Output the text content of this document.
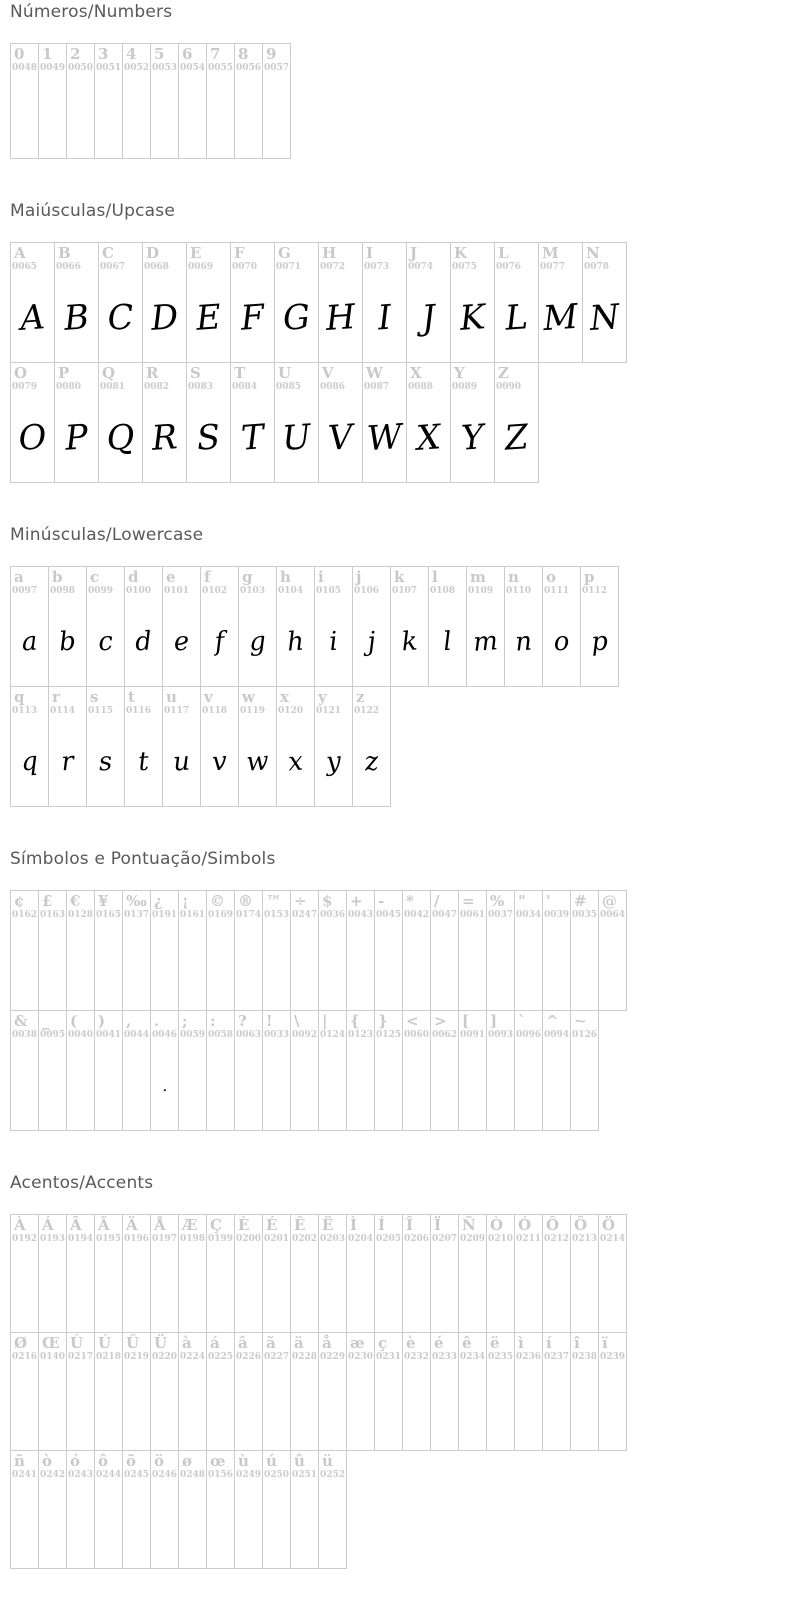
Números/Numbers
0
0048
1
0049
2
0050
3
0051
4
0052
5
0053
6
0054
7
0055
8
0056
9
0057
Maiúsculas/Upcase
A
0065
A
B
0066
B
C
0067
C
D
0068
D
E
0069
E
F
0070
F
G
0071
G
H
0072
H
I
0073
I
J
0074
J
K
0075
K
L
0076
L
M
0077
M
N
0078
N
O
0079
O
P
0080
P
Q
0081
Q
R
0082
R
S
0083
S
T
0084
T
U
0085
U
V
0086
V
W
0087
W
X
0088
X
Y
0089
Y
Z
0090
Z
Minúsculas/Lowercase
a
0097
a
b
0098
b
c
0099
c
d
0100
d
e
0101
e
f
0102
f
g
0103
g
h
0104
h
i
0105
i
j
0106
j
k
0107
k
l
0108
l
m
0109
m
n
0110
n
o
0111
o
p
0112
p
q
0113
q
r
0114
r
s
0115
s
t
0116
t
u
0117
u
v
0118
v
w
0119
w
x
0120
x
y
0121
y
z
0122
z
Símbolos e Pontuação/Simbols
¢
0162
£
0163
€
0128
¥
0165
‰
0137
¿
0191
¡
0161
©
0169
®
0174
™
0153
÷
0247
$
0036
+
0043
-
0045
*
0042
/
0047
=
0061
%
0037
"
0034
'
0039
#
0035
@
0064
&
0038
_
0095
(
0040
)
0041
,
0044
.
0046
.
;
0059
:
0058
?
0063
!
0033
\
0092
|
0124
{
0123
}
0125
<
0060
>
0062
[
0091
]
0093
`
0096
^
0094
~
0126
Acentos/Accents
À
0192
Á
0193
Â
0194
Ã
0195
Ä
0196
Å
0197
Æ
0198
Ç
0199
È
0200
É
0201
Ê
0202
Ë
0203
Ì
0204
Í
0205
Î
0206
Ï
0207
Ñ
0209
Ò
0210
Ó
0211
Ô
0212
Õ
0213
Ö
0214
Ø
0216
Œ
0140
Ù
0217
Ú
0218
Û
0219
Ü
0220
à
0224
á
0225
â
0226
ã
0227
ä
0228
å
0229
æ
0230
ç
0231
è
0232
é
0233
ê
0234
ë
0235
ì
0236
í
0237
î
0238
ï
0239
ñ
0241
ò
0242
ó
0243
ô
0244
õ
0245
ö
0246
ø
0248
œ
0156
ù
0249
ú
0250
û
0251
ü
0252
